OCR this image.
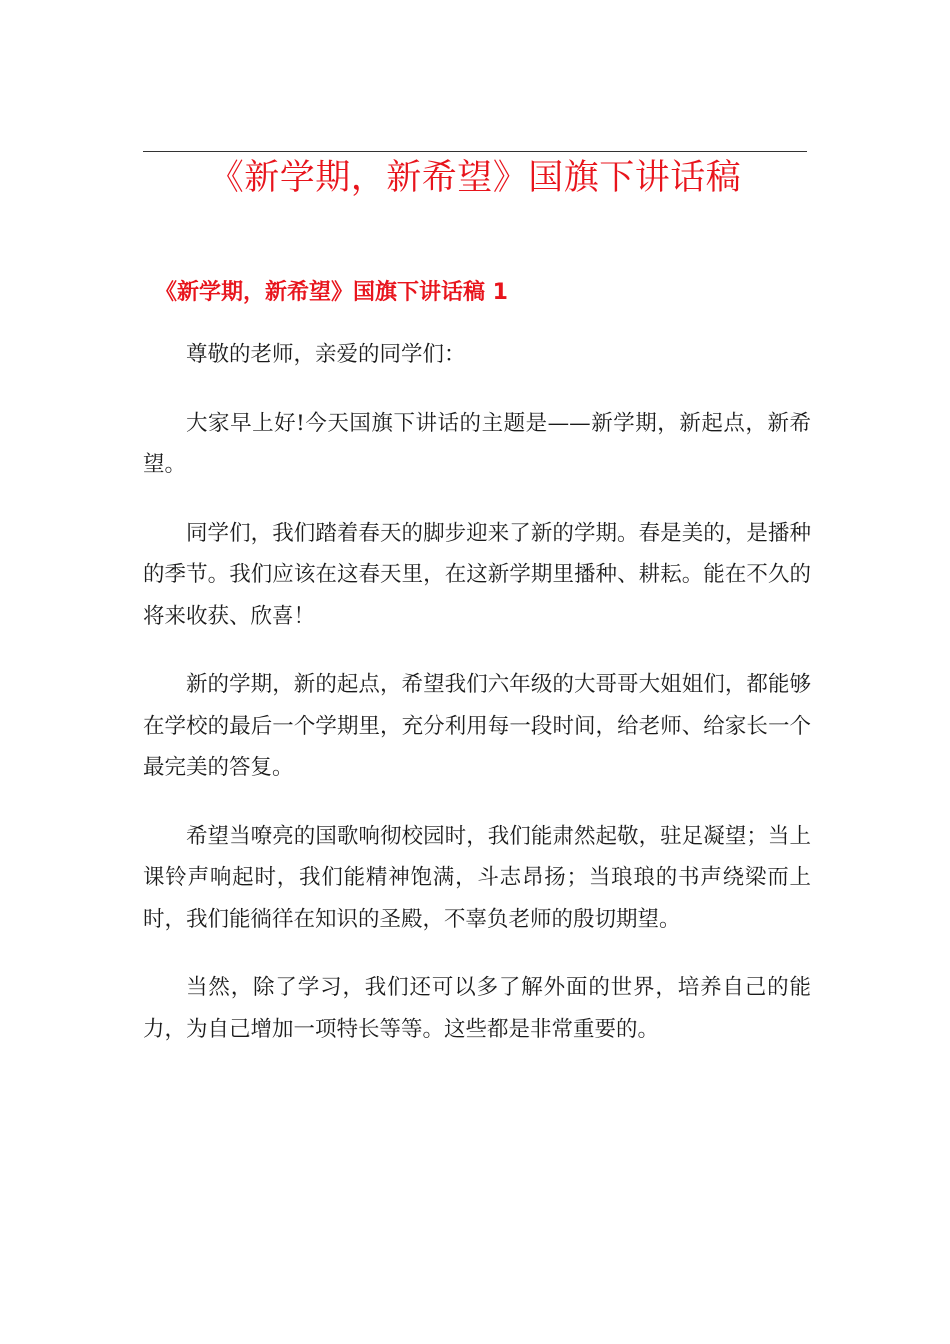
《新学期，新希望》国旗下讲话稿
《新学期，新希望》国旗下讲话稿 1

尊敬的老师，亲爱的同学们：

大家早上好!今天国旗下讲话的主题是——新学期，新起点，新希望。

同学们，我们踏着春天的脚步迎来了新的学期。春是美的，是播种的季节。我们应该在这春天里，在这新学期里播种、耕耘。能在不久的将来收获、欣喜！

新的学期，新的起点，希望我们六年级的大哥哥大姐姐们，都能够在学校的最后一个学期里，充分利用每一段时间，给老师、给家长一个最完美的答复。

希望当嘹亮的国歌响彻校园时，我们能肃然起敬，驻足凝望；当上课铃声响起时，我们能精神饱满，斗志昂扬；当琅琅的书声绕梁而上时，我们能徜徉在知识的圣殿，不辜负老师的殷切期望。

当然，除了学习，我们还可以多了解外面的世界，培养自己的能力，为自己增加一项特长等等。这些都是非常重要的。
